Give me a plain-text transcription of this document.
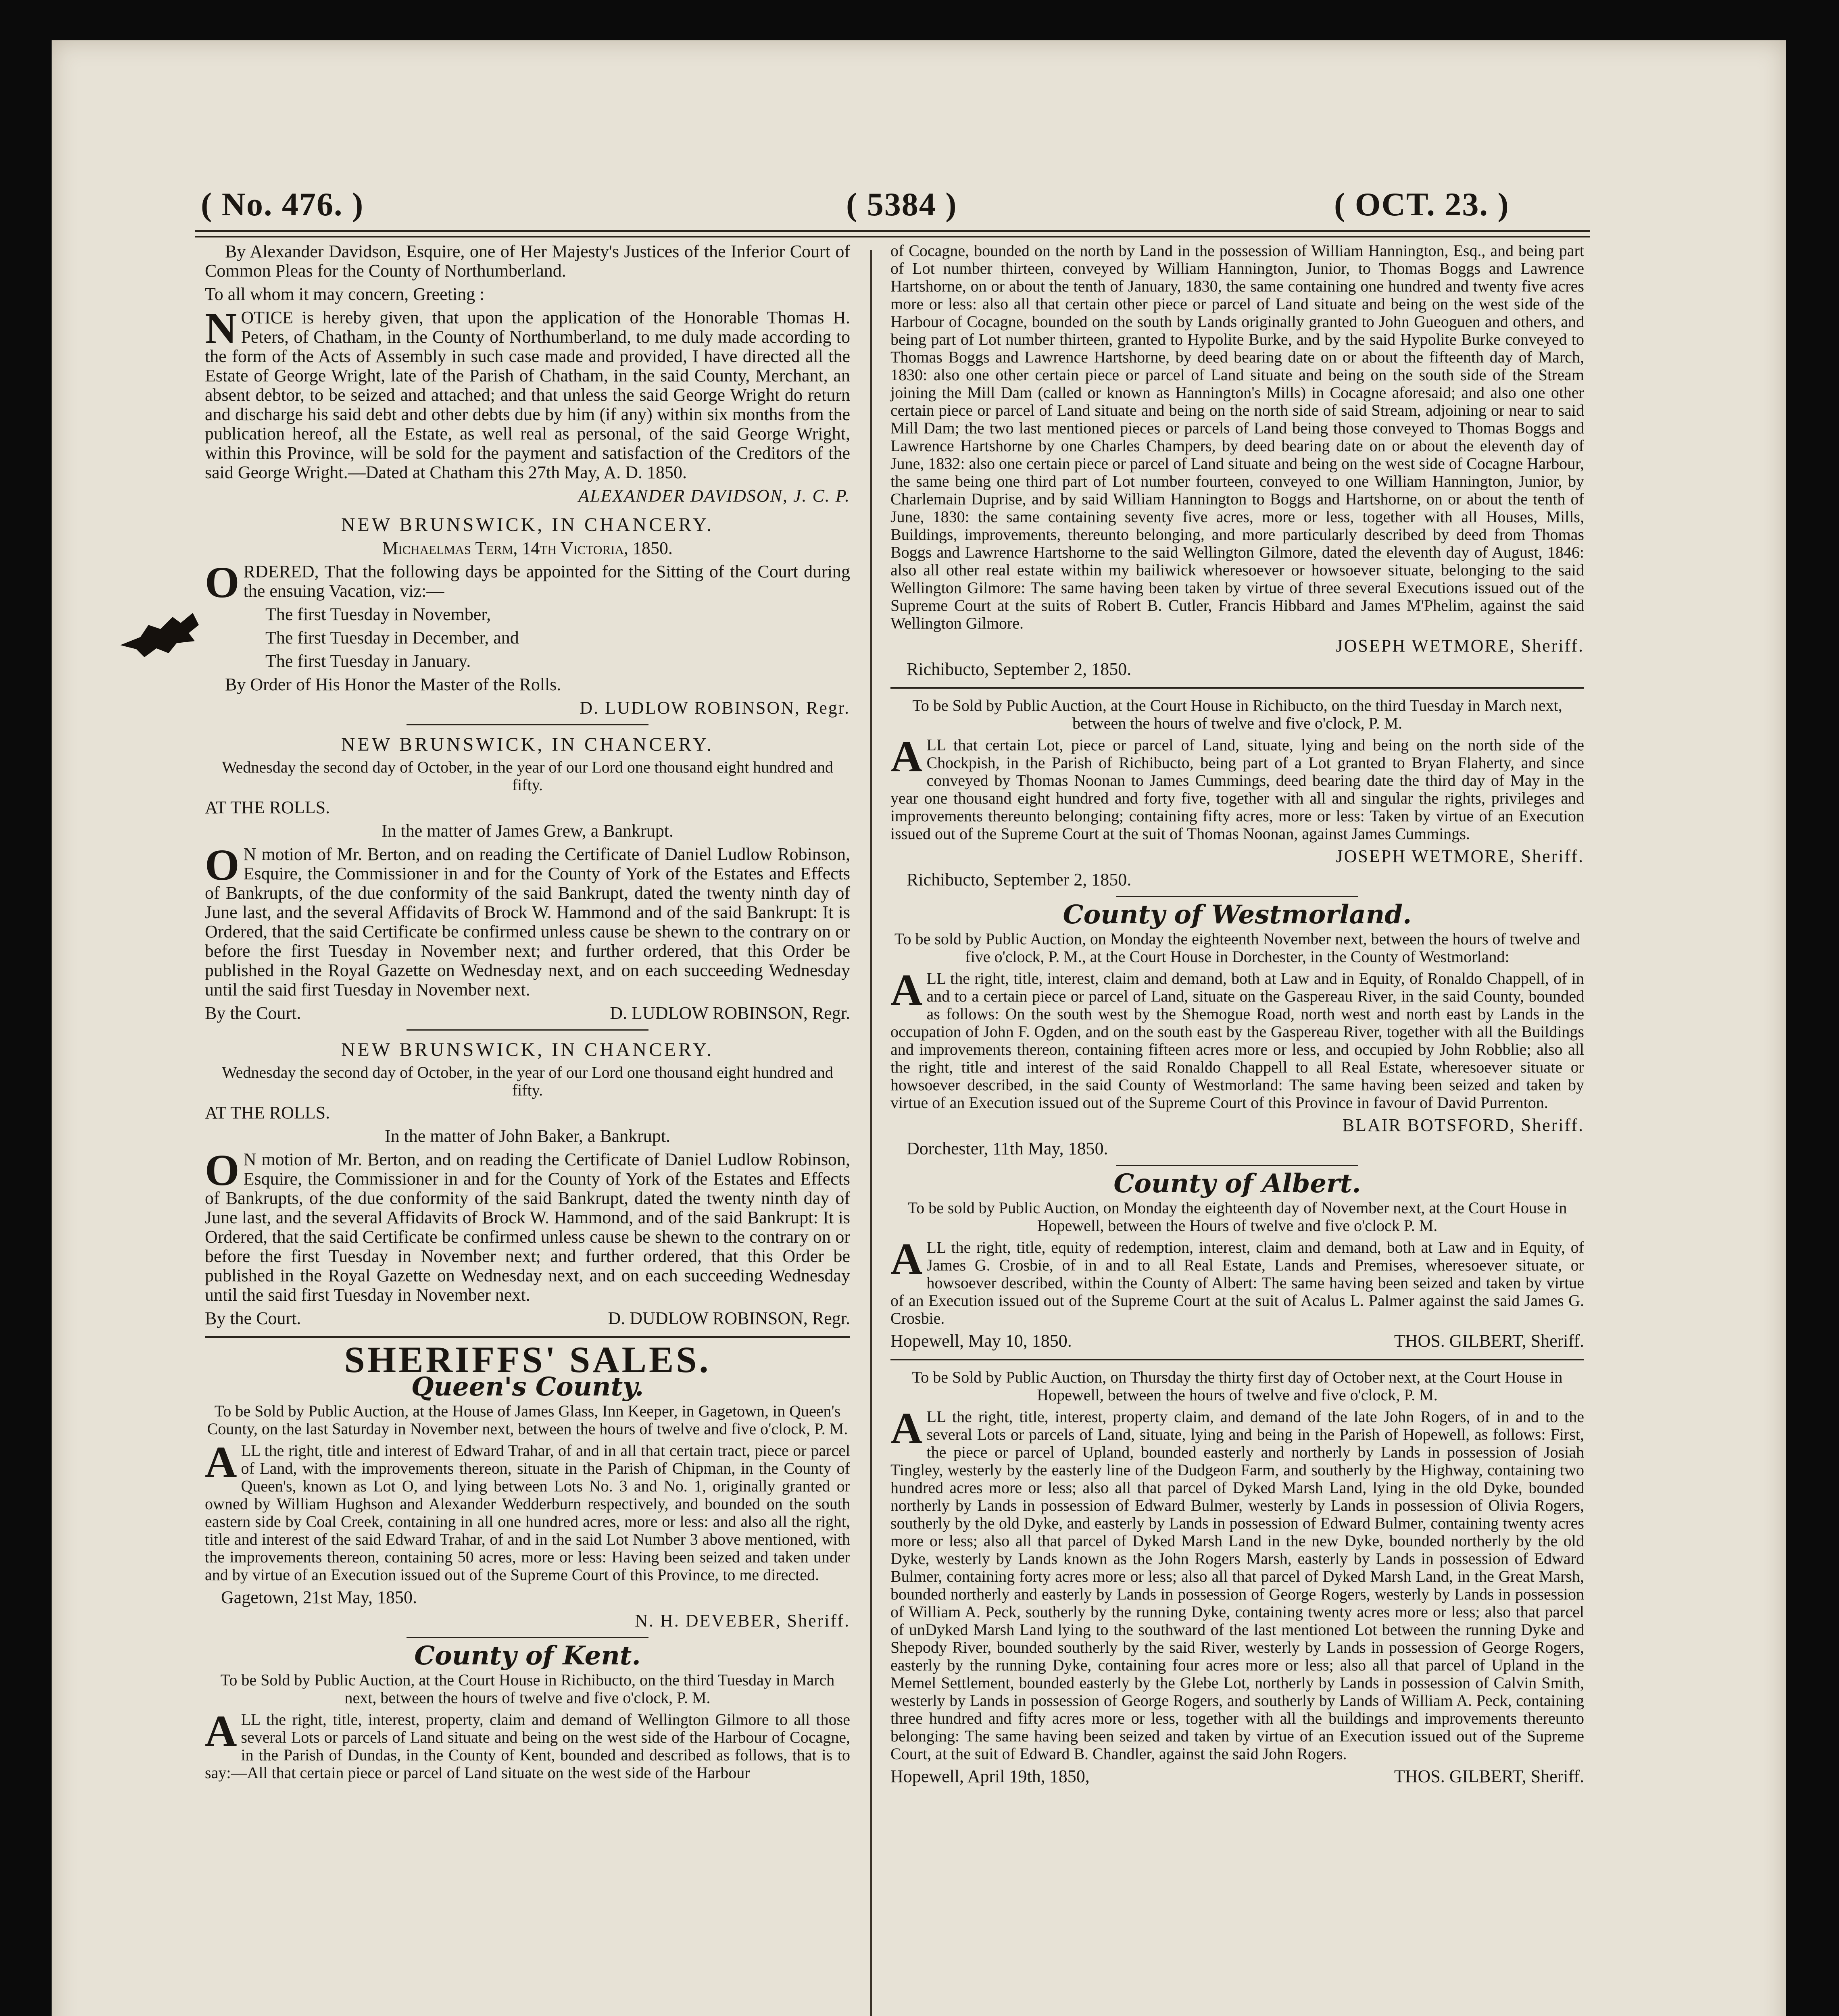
( No. 476. )	( 5384 )	( OCT. 23. )

By Alexander Davidson, Esquire, one of Her Majesty's Justices of the Inferior Court of Common Pleas for the County of Northumberland.

To all whom it may concern, Greeting :

NOTICE is hereby given, that upon the application of the Honorable Thomas H. Peters, of Chatham, in the County of Northumberland, to me duly made according to the form of the Acts of Assembly in such case made and provided, I have directed all the Estate of George Wright, late of the Parish of Chatham, in the said County, Merchant, an absent debtor, to be seized and attached; and that unless the said George Wright do return and discharge his said debt and other debts due by him (if any) within six months from the publication hereof, all the Estate, as well real as personal, of the said George Wright, within this Province, will be sold for the payment and satisfaction of the Creditors of the said George Wright.—Dated at Chatham this 27th May, A. D. 1850.

ALEXANDER DAVIDSON, J. C. P.

NEW BRUNSWICK, IN CHANCERY.

Michaelmas Term, 14th Victoria, 1850.

ORDERED, That the following days be appointed for the Sitting of the Court during the ensuing Vacation, viz:—

The first Tuesday in November,

The first Tuesday in December, and

The first Tuesday in January.

By Order of His Honor the Master of the Rolls.

D. LUDLOW ROBINSON, Regr.

NEW BRUNSWICK, IN CHANCERY.

Wednesday the second day of October, in the year of our Lord one thousand eight hundred and fifty.

AT THE ROLLS.

In the matter of James Grew, a Bankrupt.

ON motion of Mr. Berton, and on reading the Certificate of Daniel Ludlow Robinson, Esquire, the Commissioner in and for the County of York of the Estates and Effects of Bankrupts, of the due conformity of the said Bankrupt, dated the twenty ninth day of June last, and the several Affidavits of Brock W. Hammond and of the said Bankrupt: It is Ordered, that the said Certificate be confirmed unless cause be shewn to the contrary on or before the first Tuesday in November next; and further ordered, that this Order be published in the Royal Gazette on Wednesday next, and on each succeeding Wednesday until the said first Tuesday in November next.

By the Court.	D. LUDLOW ROBINSON, Regr.

NEW BRUNSWICK, IN CHANCERY.

Wednesday the second day of October, in the year of our Lord one thousand eight hundred and fifty.

AT THE ROLLS.

In the matter of John Baker, a Bankrupt.

ON motion of Mr. Berton, and on reading the Certificate of Daniel Ludlow Robinson, Esquire, the Commissioner in and for the County of York of the Estates and Effects of Bankrupts, of the due conformity of the said Bankrupt, dated the twenty ninth day of June last, and the several Affidavits of Brock W. Hammond, and of the said Bankrupt: It is Ordered, that the said Certificate be confirmed unless cause be shewn to the contrary on or before the first Tuesday in November next; and further ordered, that this Order be published in the Royal Gazette on Wednesday next, and on each succeeding Wednesday until the said first Tuesday in November next.

By the Court.	D. DUDLOW ROBINSON, Regr.

SHERIFFS' SALES.

Queen's County.

To be Sold by Public Auction, at the House of James Glass, Inn Keeper, in Gagetown, in Queen's County, on the last Saturday in November next, between the hours of twelve and five o'clock, P. M.

ALL the right, title and interest of Edward Trahar, of and in all that certain tract, piece or parcel of Land, with the improvements thereon, situate in the Parish of Chipman, in the County of Queen's, known as Lot O, and lying between Lots No. 3 and No. 1, originally granted or owned by William Hughson and Alexander Wedderburn respectively, and bounded on the south eastern side by Coal Creek, containing in all one hundred acres, more or less: and also all the right, title and interest of the said Edward Trahar, of and in the said Lot Number 3 above mentioned, with the improvements thereon, containing 50 acres, more or less: Having been seized and taken under and by virtue of an Execution issued out of the Supreme Court of this Province, to me directed.

Gagetown, 21st May, 1850.

N. H. DEVEBER, Sheriff.

County of Kent.

To be Sold by Public Auction, at the Court House in Richibucto, on the third Tuesday in March next, between the hours of twelve and five o'clock, P. M.

ALL the right, title, interest, property, claim and demand of Wellington Gilmore to all those several Lots or parcels of Land situate and being on the west side of the Harbour of Cocagne, in the Parish of Dundas, in the County of Kent, bounded and described as follows, that is to say:—All that certain piece or parcel of Land situate on the west side of the Harbour

of Cocagne, bounded on the north by Land in the possession of William Hannington, Esq., and being part of Lot number thirteen, conveyed by William Hannington, Junior, to Thomas Boggs and Lawrence Hartshorne, on or about the tenth of January, 1830, the same containing one hundred and twenty five acres more or less: also all that certain other piece or parcel of Land situate and being on the west side of the Harbour of Cocagne, bounded on the south by Lands originally granted to John Gueoguen and others, and being part of Lot number thirteen, granted to Hypolite Burke, and by the said Hypolite Burke conveyed to Thomas Boggs and Lawrence Hartshorne, by deed bearing date on or about the fifteenth day of March, 1830: also one other certain piece or parcel of Land situate and being on the south side of the Stream joining the Mill Dam (called or known as Hannington's Mills) in Cocagne aforesaid; and also one other certain piece or parcel of Land situate and being on the north side of said Stream, adjoining or near to said Mill Dam; the two last mentioned pieces or parcels of Land being those conveyed to Thomas Boggs and Lawrence Hartshorne by one Charles Champers, by deed bearing date on or about the eleventh day of June, 1832: also one certain piece or parcel of Land situate and being on the west side of Cocagne Harbour, the same being one third part of Lot number fourteen, conveyed to one William Hannington, Junior, by Charlemain Duprise, and by said William Hannington to Boggs and Hartshorne, on or about the tenth of June, 1830: the same containing seventy five acres, more or less, together with all Houses, Mills, Buildings, improvements, thereunto belonging, and more particularly described by deed from Thomas Boggs and Lawrence Hartshorne to the said Wellington Gilmore, dated the eleventh day of August, 1846: also all other real estate within my bailiwick wheresoever or howsoever situate, belonging to the said Wellington Gilmore: The same having been taken by virtue of three several Executions issued out of the Supreme Court at the suits of Robert B. Cutler, Francis Hibbard and James M'Phelim, against the said Wellington Gilmore.

JOSEPH WETMORE, Sheriff.

Richibucto, September 2, 1850.

To be Sold by Public Auction, at the Court House in Richibucto, on the third Tuesday in March next, between the hours of twelve and five o'clock, P. M.

ALL that certain Lot, piece or parcel of Land, situate, lying and being on the north side of the Chockpish, in the Parish of Richibucto, being part of a Lot granted to Bryan Flaherty, and since conveyed by Thomas Noonan to James Cummings, deed bearing date the third day of May in the year one thousand eight hundred and forty five, together with all and singular the rights, privileges and improvements thereunto belonging; containing fifty acres, more or less: Taken by virtue of an Execution issued out of the Supreme Court at the suit of Thomas Noonan, against James Cummings.

JOSEPH WETMORE, Sheriff.

Richibucto, September 2, 1850.

County of Westmorland.

To be sold by Public Auction, on Monday the eighteenth November next, between the hours of twelve and five o'clock, P. M., at the Court House in Dorchester, in the County of Westmorland:

ALL the right, title, interest, claim and demand, both at Law and in Equity, of Ronaldo Chappell, of in and to a certain piece or parcel of Land, situate on the Gaspereau River, in the said County, bounded as follows: On the south west by the Shemogue Road, north west and north east by Lands in the occupation of John F. Ogden, and on the south east by the Gaspereau River, together with all the Buildings and improvements thereon, containing fifteen acres more or less, and occupied by John Robblie; also all the right, title and interest of the said Ronaldo Chappell to all Real Estate, wheresoever situate or howsoever described, in the said County of Westmorland: The same having been seized and taken by virtue of an Execution issued out of the Supreme Court of this Province in favour of David Purrenton.

BLAIR BOTSFORD, Sheriff.

Dorchester, 11th May, 1850.

County of Albert.

To be sold by Public Auction, on Monday the eighteenth day of November next, at the Court House in Hopewell, between the Hours of twelve and five o'clock P. M.

ALL the right, title, equity of redemption, interest, claim and demand, both at Law and in Equity, of James G. Crosbie, of in and to all Real Estate, Lands and Premises, wheresoever situate, or howsoever described, within the County of Albert: The same having been seized and taken by virtue of an Execution issued out of the Supreme Court at the suit of Acalus L. Palmer against the said James G. Crosbie.

Hopewell, May 10, 1850.	THOS. GILBERT, Sheriff.

To be Sold by Public Auction, on Thursday the thirty first day of October next, at the Court House in Hopewell, between the hours of twelve and five o'clock, P. M.

ALL the right, title, interest, property claim, and demand of the late John Rogers, of in and to the several Lots or parcels of Land, situate, lying and being in the Parish of Hopewell, as follows: First, the piece or parcel of Upland, bounded easterly and northerly by Lands in possession of Josiah Tingley, westerly by the easterly line of the Dudgeon Farm, and southerly by the Highway, containing two hundred acres more or less; also all that parcel of Dyked Marsh Land, lying in the old Dyke, bounded northerly by Lands in possession of Edward Bulmer, westerly by Lands in possession of Olivia Rogers, southerly by the old Dyke, and easterly by Lands in possession of Edward Bulmer, containing twenty acres more or less; also all that parcel of Dyked Marsh Land in the new Dyke, bounded northerly by the old Dyke, westerly by Lands known as the John Rogers Marsh, easterly by Lands in possession of Edward Bulmer, containing forty acres more or less; also all that parcel of Dyked Marsh Land, in the Great Marsh, bounded northerly and easterly by Lands in possession of George Rogers, westerly by Lands in possession of William A. Peck, southerly by the running Dyke, containing twenty acres more or less; also that parcel of unDyked Marsh Land lying to the southward of the last mentioned Lot between the running Dyke and Shepody River, bounded southerly by the said River, westerly by Lands in possession of George Rogers, easterly by the running Dyke, containing four acres more or less; also all that parcel of Upland in the Memel Settlement, bounded easterly by the Glebe Lot, northerly by Lands in possession of Calvin Smith, westerly by Lands in possession of George Rogers, and southerly by Lands of William A. Peck, containing three hundred and fifty acres more or less, together with all the buildings and improvements thereunto belonging: The same having been seized and taken by virtue of an Execution issued out of the Supreme Court, at the suit of Edward B. Chandler, against the said John Rogers.

Hopewell, April 19th, 1850,	THOS. GILBERT, Sheriff.
